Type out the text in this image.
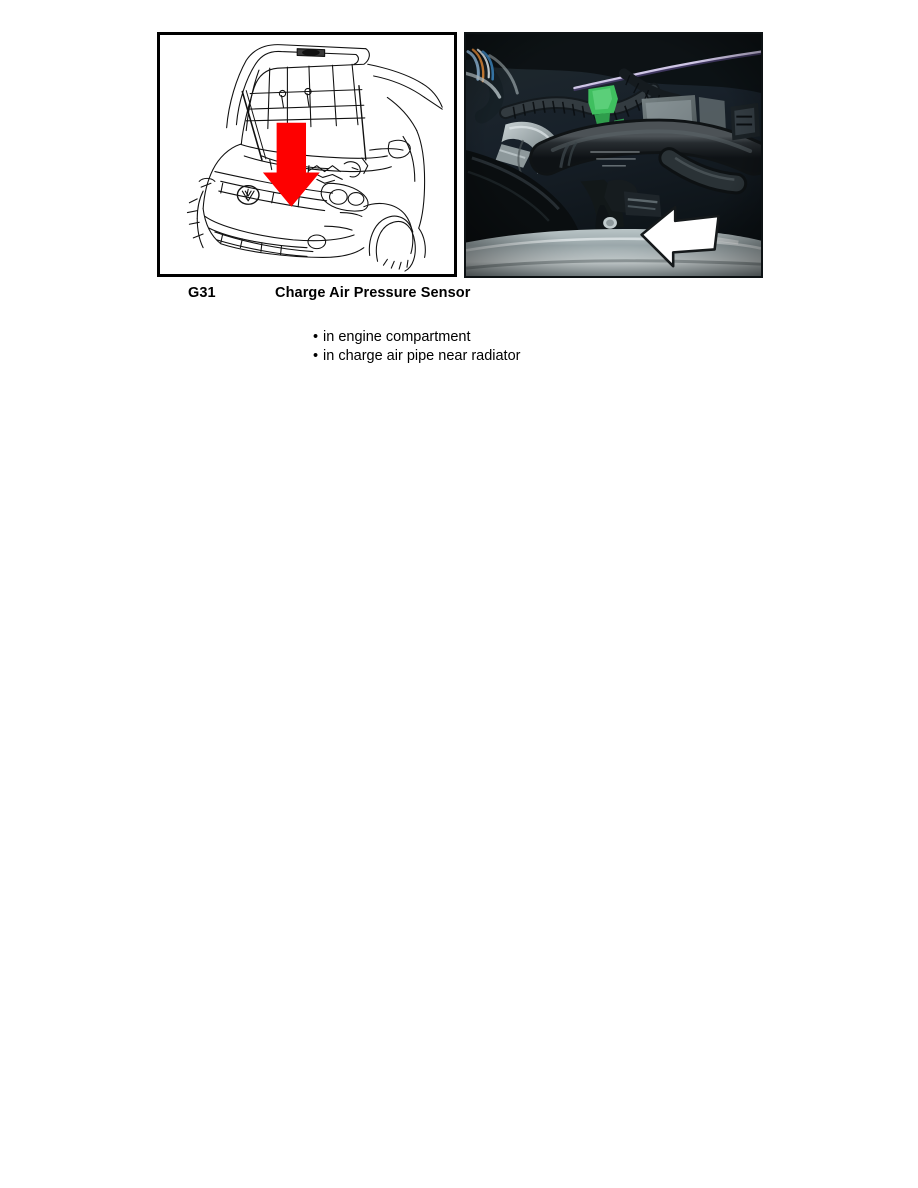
G31	Charge Air Pressure Sensor
• in engine compartment
• in charge air pipe near radiator
